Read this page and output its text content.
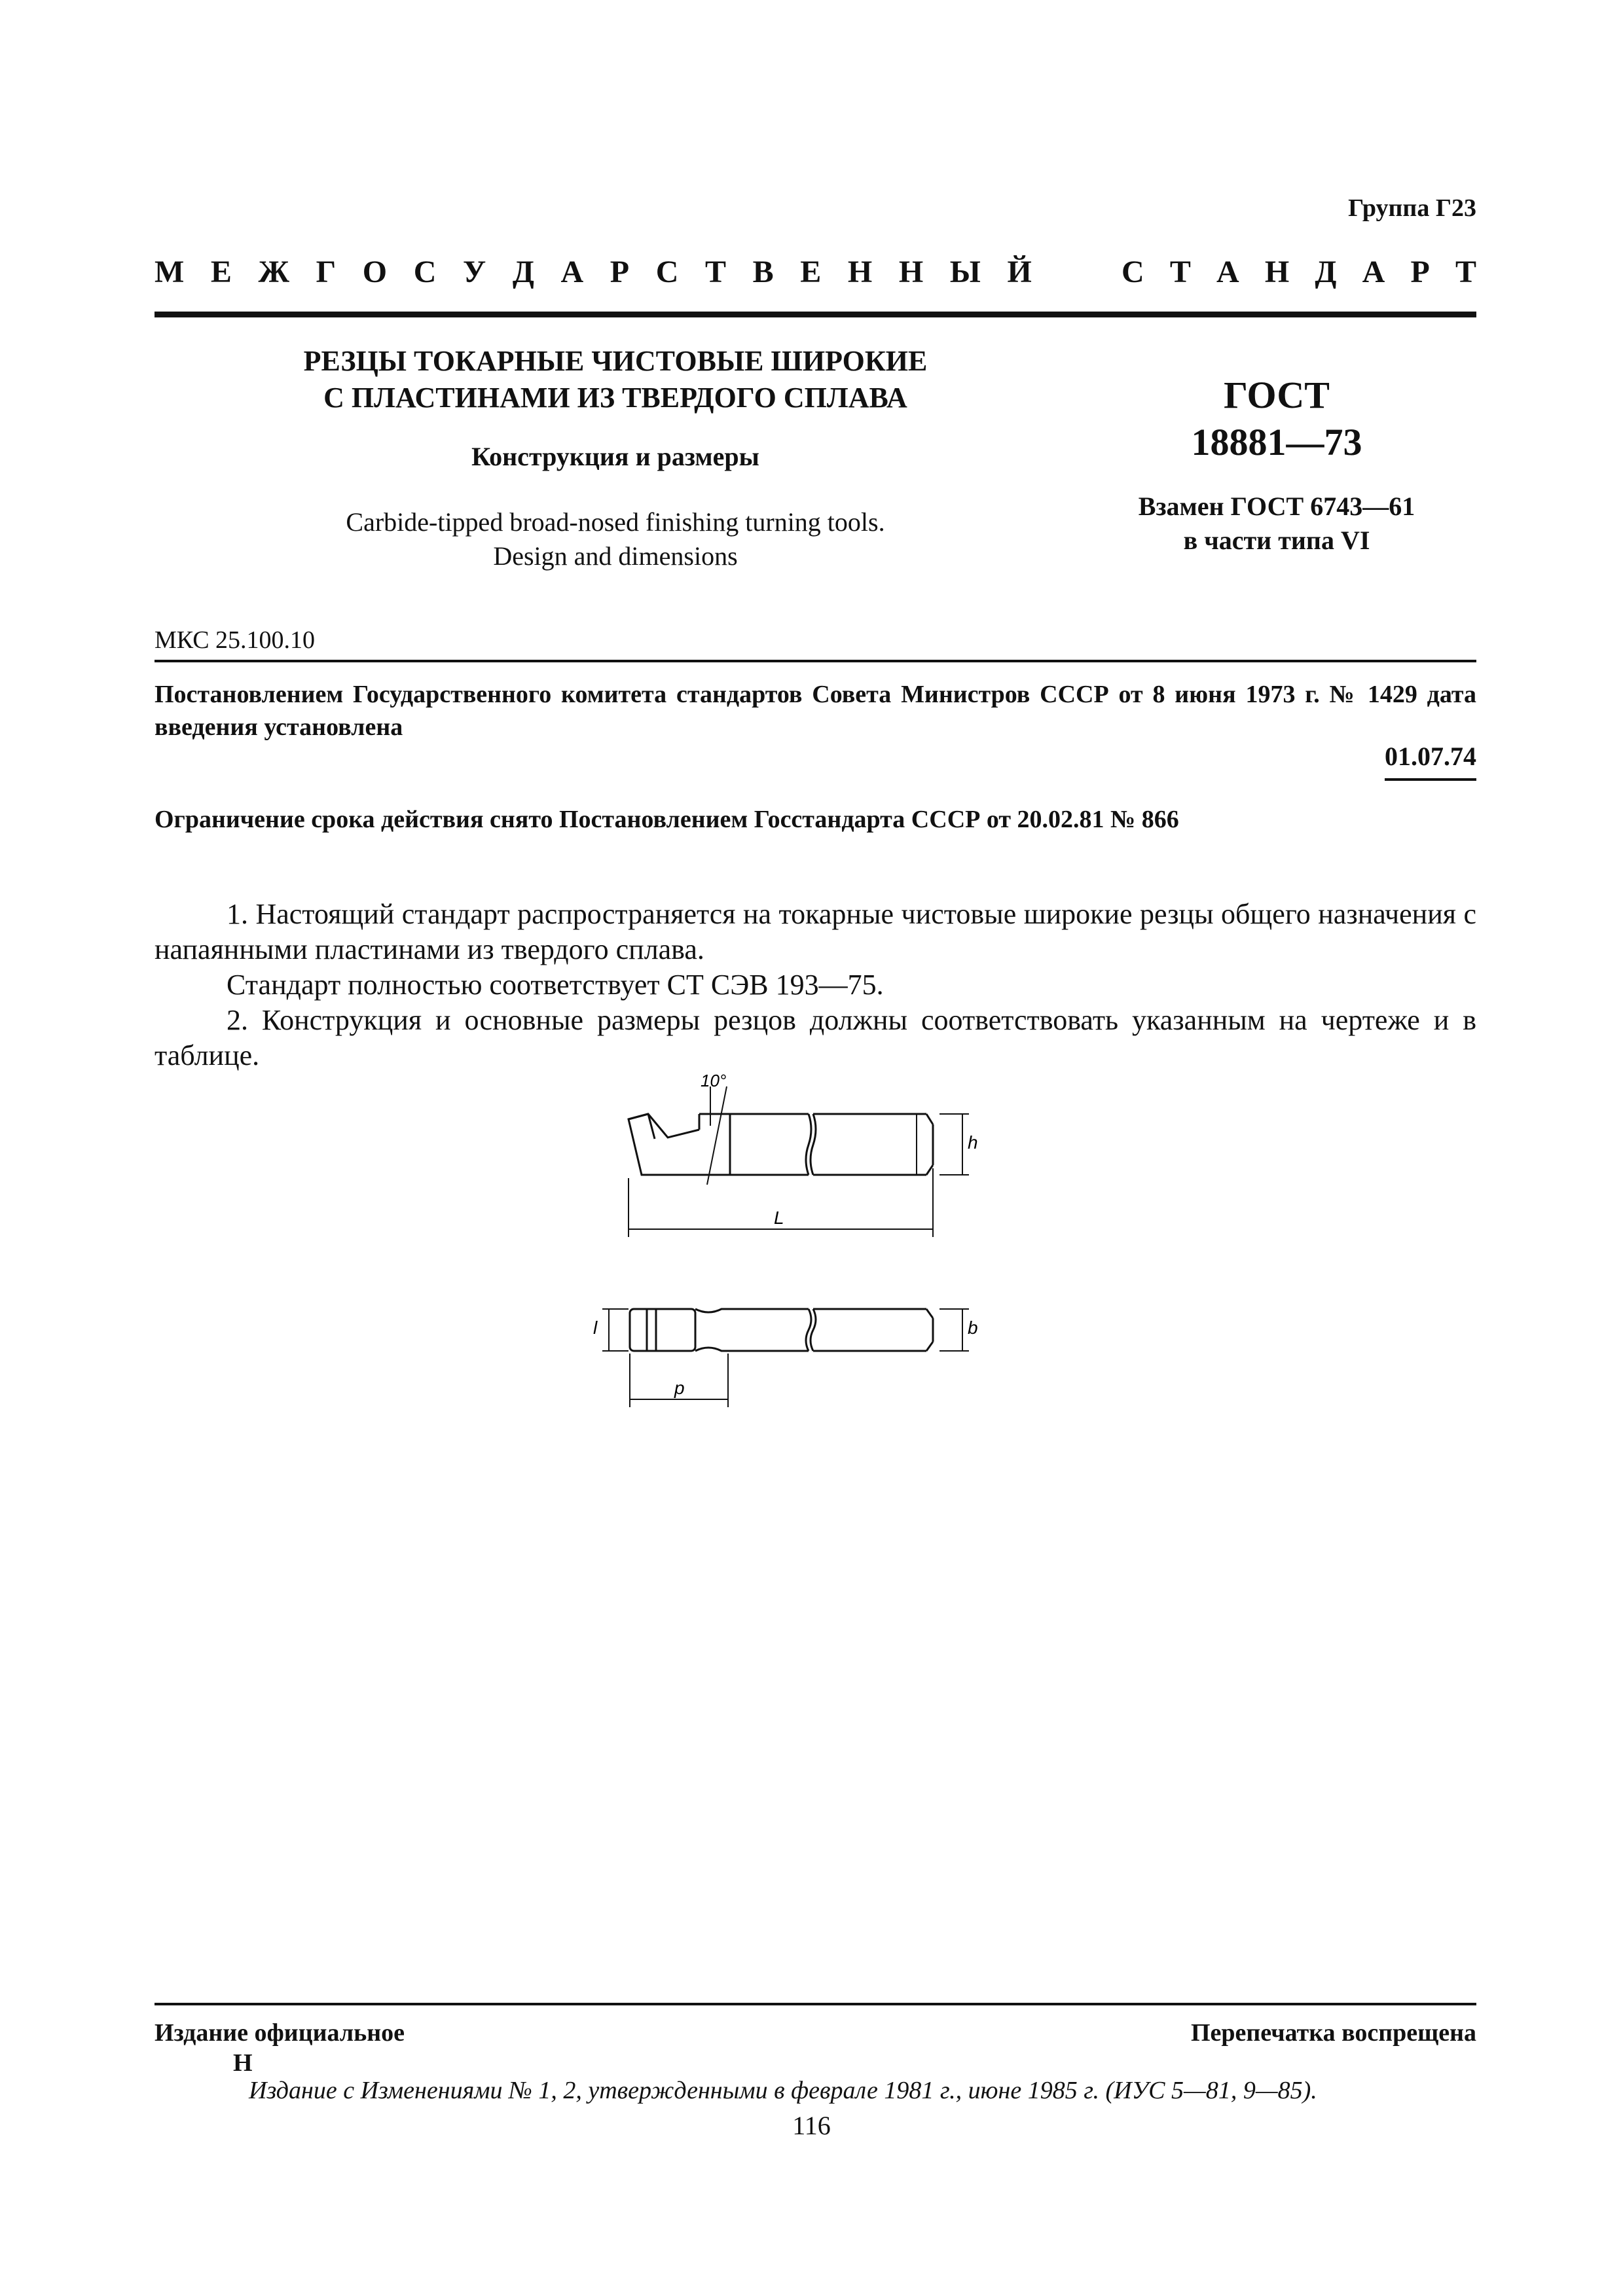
Группа Г23
М Е Ж Г О С У Д А Р С Т В Е Н Н Ы Й	С Т А Н Д А Р Т
РЕЗЦЫ ТОКАРНЫЕ ЧИСТОВЫЕ ШИРОКИЕ
С ПЛАСТИНАМИ ИЗ ТВЕРДОГО СПЛАВА
Конструкция и размеры
Carbide-tipped broad-nosed finishing turning tools.
Design and dimensions
ГОСТ
18881—73
Взамен ГОСТ 6743—61
в части типа VI
МКС 25.100.10
Постановлением Государственного комитета стандартов Совета Министров СССР от 8 июня 1973 г. № 1429 дата введения установлена
01.07.74
Ограничение срока действия снято Постановлением Госстандарта СССР от 20.02.81 № 866

1. Настоящий стандарт распространяется на токарные чистовые широкие резцы общего назначения с напаянными пластинами из твердого сплава.

Стандарт полностью соответствует СТ СЭВ 193—75.

2. Конструкция и основные размеры резцов должны соответствовать указанным на чертеже и в таблице.

10°
h
L
l	b
p
Издание официальное	Перепечатка воспрещена
Н
Издание с Изменениями № 1, 2, утвержденными в феврале 1981 г., июне 1985 г. (ИУС 5—81, 9—85).
116
